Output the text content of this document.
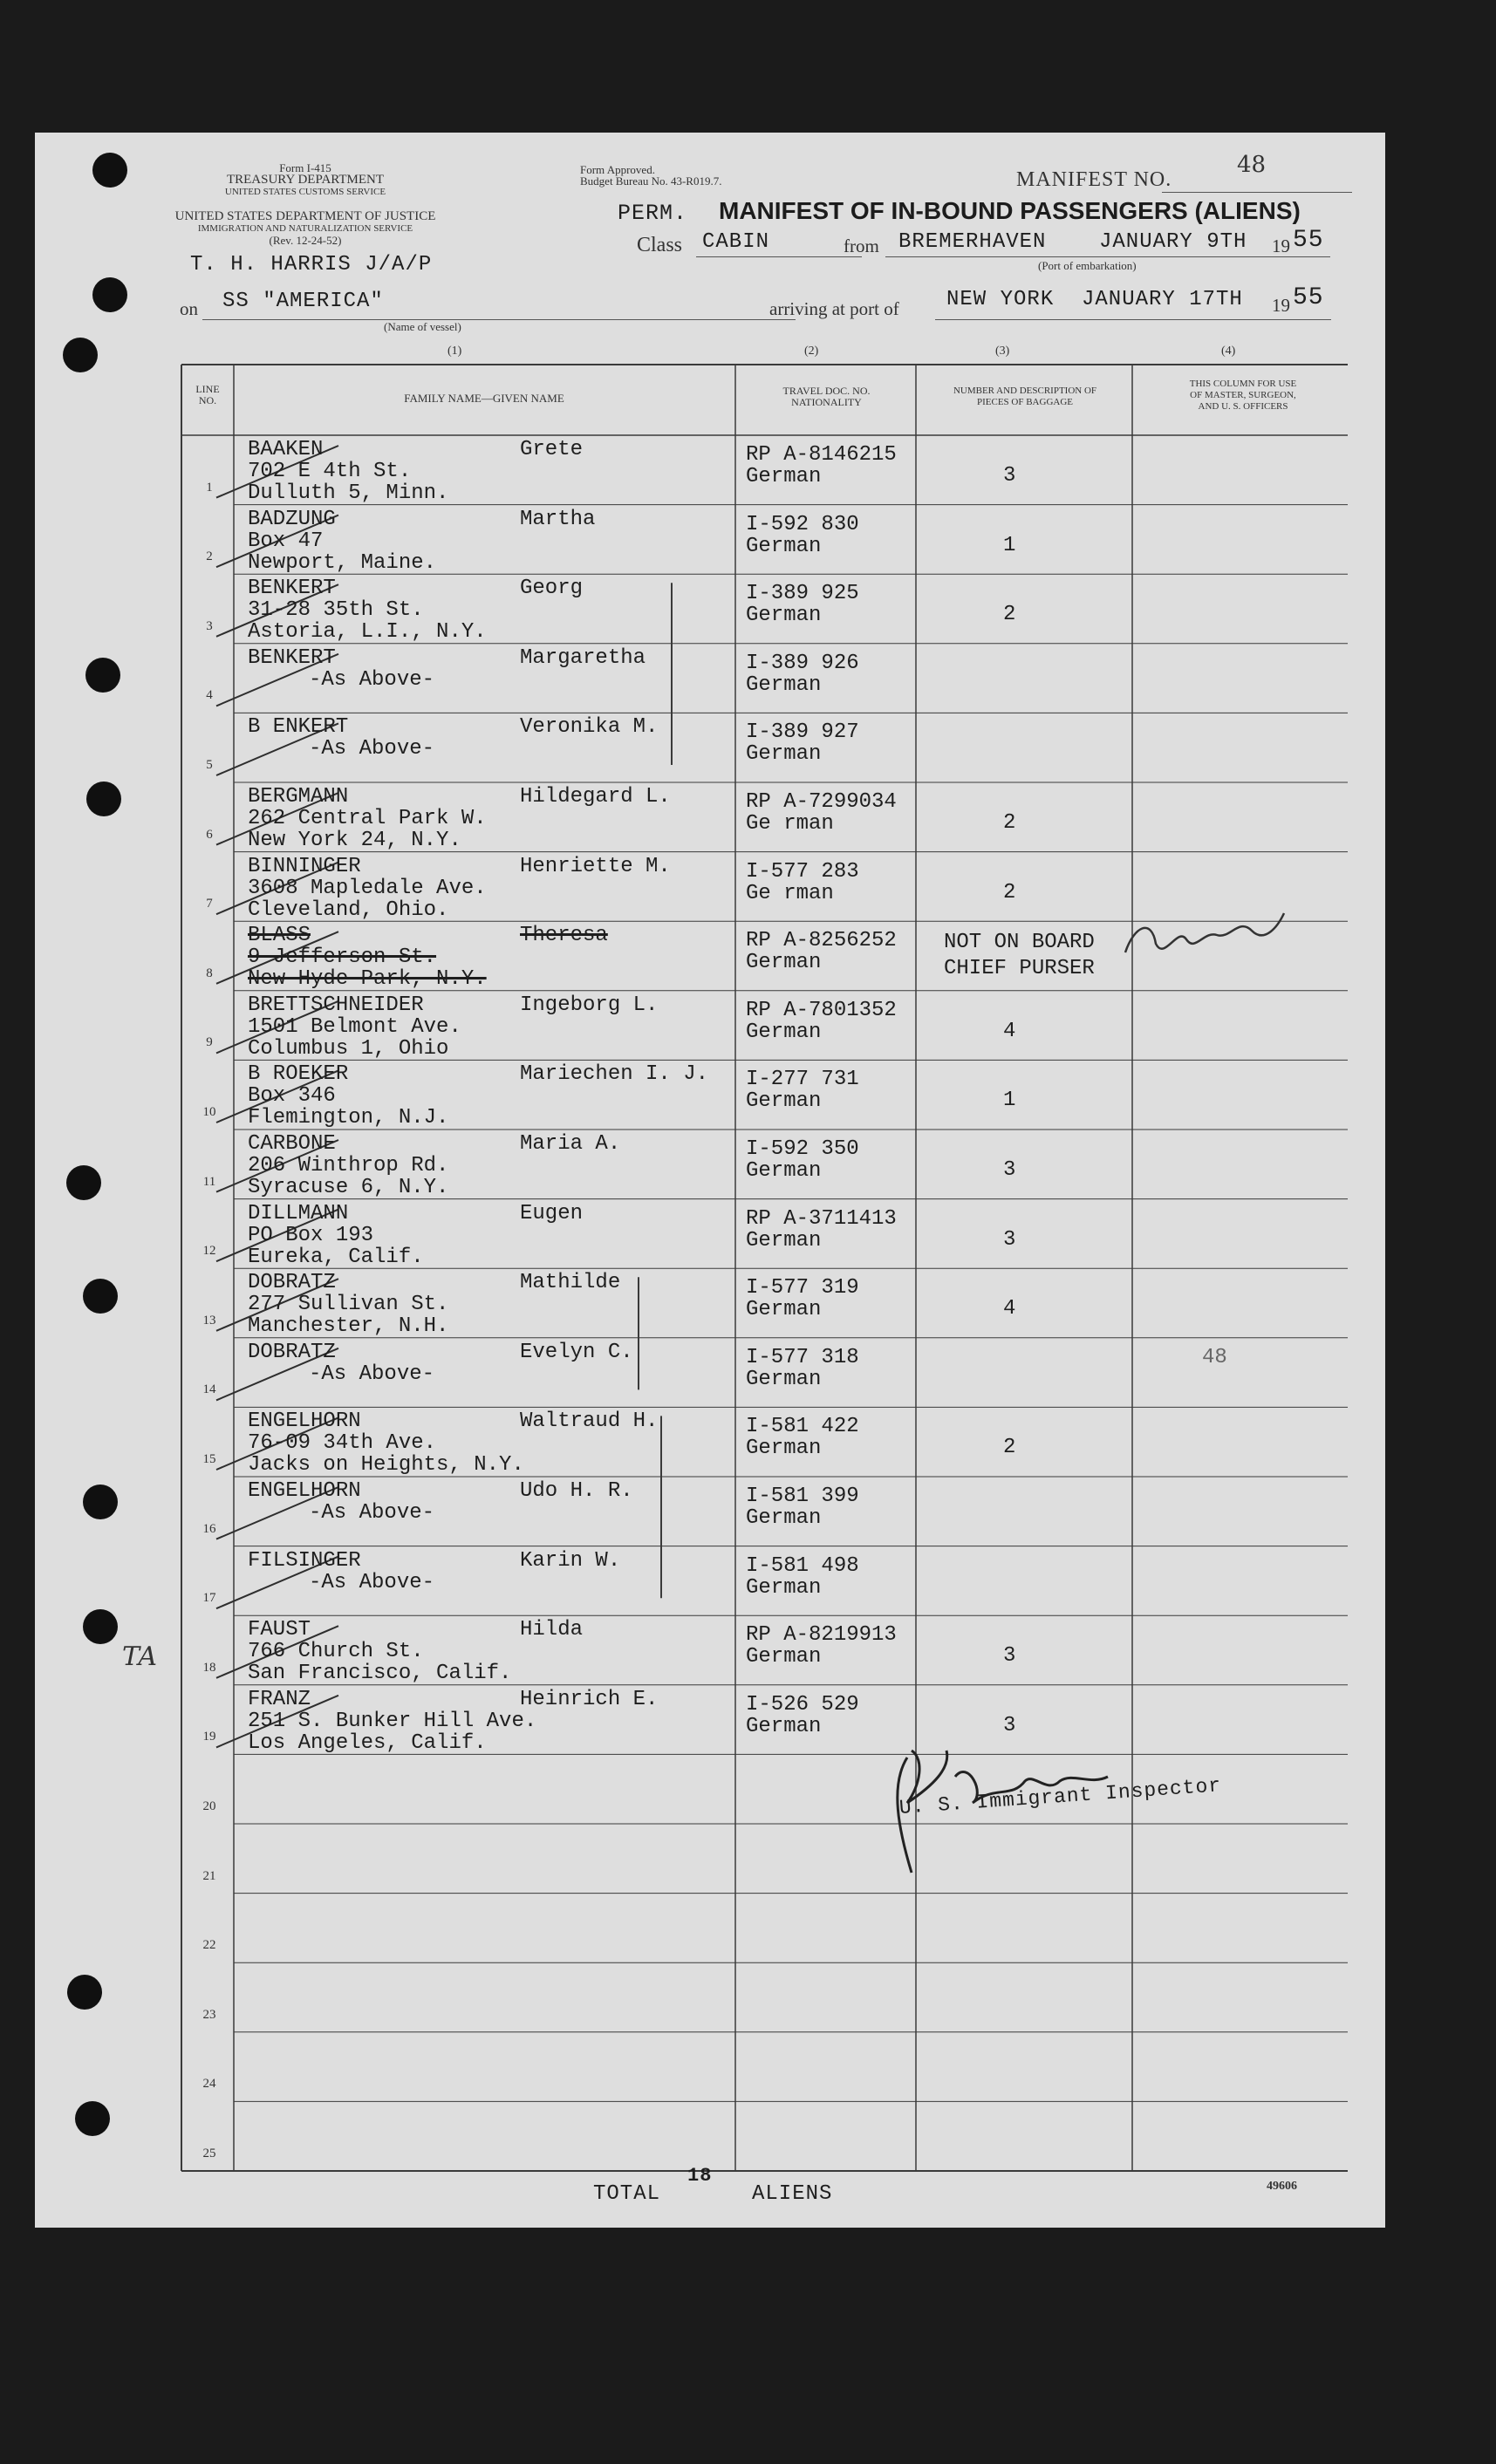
Form I-415
TREASURY DEPARTMENT
UNITED STATES CUSTOMS SERVICE
UNITED STATES DEPARTMENT OF JUSTICE
IMMIGRATION AND NATURALIZATION SERVICE
(Rev. 12-24-52)
Form Approved.
Budget Bureau No. 43-R019.7.	MANIFEST NO.
48
PERM. MANIFEST OF IN-BOUND PASSENGERS (ALIENS)
Class CABIN	from BREMERHAVEN	JANUARY 9TH 19 55
(Port of embarkation)
T. H. HARRIS J/A/P
on SS "AMERICA"
(Name of vessel)
arriving at port of NEW YORK JANUARY 17TH 19 55
(1)	(2)	(3)	(4)
LINE
NO.	FAMILY NAME—GIVEN NAME
TRAVEL DOC. NO.
NATIONALITY
NUMBER AND DESCRIPTION OF
PIECES OF BAGGAGE
THIS COLUMN FOR USE
OF MASTER, SURGEON,
AND U. S. OFFICERS
1
BAAKEN	Grete
702 E 4th St.
Dulluth 5, Minn.
RP A-8146215
German	3
2
BADZUNG	Martha
Box 47
Newport, Maine.
I-592 830
German	1
3
BENKERT	Georg
31-28 35th St.
Astoria, L.I., N.Y.
I-389 925
German	2
4
BENKERT	Margaretha
-As Above-
I-389 926
German
5
B ENKERT	Veronika M.
-As Above-
I-389 927
German
6
BERGMANN	Hildegard L.
262 Central Park W.
New York 24, N.Y.
RP A-7299034
Ge rman	2
7
BINNINGER	Henriette M.
3608 Mapledale Ave.
Cleveland, Ohio.
I-577 283
Ge rman	2
8
BLASS	Theresa
9 Jefferson St.
New Hyde Park, N.Y.
RP A-8256252
German
NOT ON BOARD
CHIEF PURSER
9
BRETTSCHNEIDER	Ingeborg L.
1501 Belmont Ave.
Columbus 1, Ohio
RP A-7801352
German	4
10
B ROEKER	Mariechen I. J.
Box 346
Flemington, N.J.
I-277 731
German	1
11
CARBONE	Maria A.
206 Winthrop Rd.
Syracuse 6, N.Y.
I-592 350
German	3
12
DILLMANN	Eugen
PO Box 193
Eureka, Calif.
RP A-3711413
German	3
13
DOBRATZ	Mathilde
277 Sullivan St.
Manchester, N.H.
I-577 319
German	4
14
DOBRATZ	Evelyn C.
-As Above-
I-577 318
German
48
15
ENGELHORN	Waltraud H.
76-09 34th Ave.
Jacks on Heights, N.Y.
I-581 422
German	2
16
ENGELHORN	Udo H. R.
-As Above-
I-581 399
German
17
FILSINGER	Karin W.
-As Above-
I-581 498
German
18
FAUST	Hilda
766 Church St.
San Francisco, Calif.
RP A-8219913
German	3
19
FRANZ	Heinrich E.
251 S. Bunker Hill Ave.
Los Angeles, Calif.
I-526 529
German	3
20
21
22
23
24
25
TA
U. S. Immigrant Inspector
TOTAL
18
ALIENS	49606
